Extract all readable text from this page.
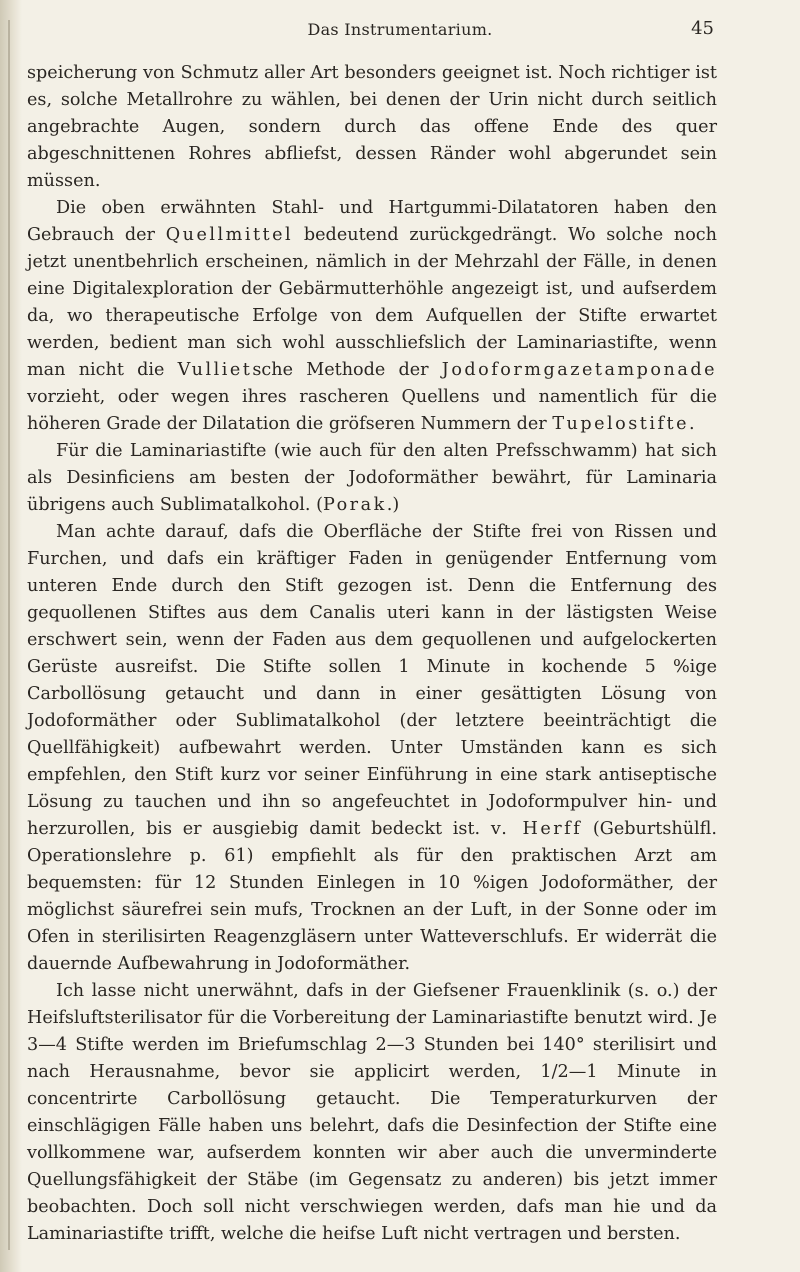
Das Instrumentarium.	45

speicherung von Schmutz aller Art besonders geeignet ist. Noch richtiger ist es, solche Metallrohre zu wählen, bei denen der Urin nicht durch seitlich angebrachte Augen, sondern durch das offene Ende des quer abgeschnittenen Rohres abfliefst, dessen Ränder wohl abgerundet sein müssen.

Die oben erwähnten Stahl- und Hartgummi-Dilatatoren haben den Gebrauch der Quellmittel bedeutend zurückgedrängt. Wo solche noch jetzt unentbehrlich erscheinen, nämlich in der Mehrzahl der Fälle, in denen eine Digitalexploration der Gebärmutterhöhle angezeigt ist, und aufserdem da, wo therapeutische Erfolge von dem Aufquellen der Stifte erwartet werden, bedient man sich wohl ausschliefslich der Laminariastifte, wenn man nicht die Vullietsche Methode der Jodoformgazetamponade vorzieht, oder wegen ihres rascheren Quellens und namentlich für die höheren Grade der Dilatation die gröfseren Nummern der Tupelostifte.

Für die Laminariastifte (wie auch für den alten Prefsschwamm) hat sich als Desinficiens am besten der Jodoformäther bewährt, für Laminaria übrigens auch Sublimatalkohol. (Porak.)

Man achte darauf, dafs die Oberfläche der Stifte frei von Rissen und Furchen, und dafs ein kräftiger Faden in genügender Entfernung vom unteren Ende durch den Stift gezogen ist. Denn die Entfernung des gequollenen Stiftes aus dem Canalis uteri kann in der lästigsten Weise erschwert sein, wenn der Faden aus dem gequollenen und aufgelockerten Gerüste ausreifst. Die Stifte sollen 1 Minute in kochende 5 %ige Carbollösung getaucht und dann in einer gesättigten Lösung von Jodoformäther oder Sublimatalkohol (der letztere beeinträchtigt die Quellfähigkeit) aufbewahrt werden. Unter Umständen kann es sich empfehlen, den Stift kurz vor seiner Einführung in eine stark antiseptische Lösung zu tauchen und ihn so angefeuchtet in Jodoformpulver hin- und herzurollen, bis er ausgiebig damit bedeckt ist. v. Herff (Geburtshülfl. Operationslehre p. 61) empfiehlt als für den praktischen Arzt am bequemsten: für 12 Stunden Einlegen in 10 %igen Jodoformäther, der möglichst säurefrei sein mufs, Trocknen an der Luft, in der Sonne oder im Ofen in sterilisirten Reagenzgläsern unter Watteverschlufs. Er widerrät die dauernde Aufbewahrung in Jodoformäther.

Ich lasse nicht unerwähnt, dafs in der Giefsener Frauenklinik (s. o.) der Heifsluftsterilisator für die Vorbereitung der Laminariastifte benutzt wird. Je 3—4 Stifte werden im Briefumschlag 2—3 Stunden bei 140° sterilisirt und nach Herausnahme, bevor sie applicirt werden, 1/2—1 Minute in concentrirte Carbollösung getaucht. Die Temperaturkurven der einschlägigen Fälle haben uns belehrt, dafs die Desinfection der Stifte eine vollkommene war, aufserdem konnten wir aber auch die unverminderte Quellungsfähigkeit der Stäbe (im Gegensatz zu anderen) bis jetzt immer beobachten. Doch soll nicht verschwiegen werden, dafs man hie und da Laminariastifte trifft, welche die heifse Luft nicht vertragen und bersten.
